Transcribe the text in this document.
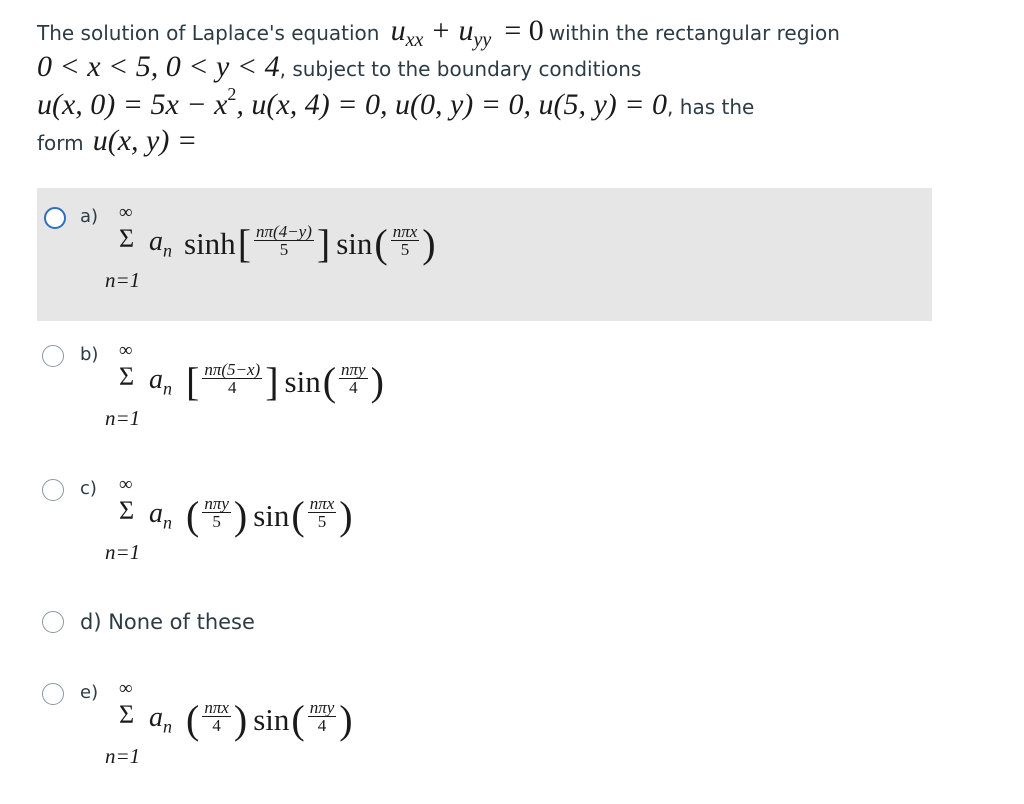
The solution of Laplace's equation uxx + uyy = 0 within the rectangular region
0 < x < 5, 0 < y < 4, subject to the boundary conditions
u(x, 0) = 5x − x2, u(x, 4) = 0, u(0, y) = 0, u(5, y) = 0, has the
form u(x, y) =
a) ∞
Σ
n=1
$a_n$ sinh [ $\frac{n\pi(4-y)}{5}$ ] sin ( $\frac{\text{nπx}}{5}$ )
b) ∞
Σ
n=1
$a_n$ [ $\frac{n\pi(5-x)}{4}$ ] sin ( $\frac{\text{nπy}}{4}$ )
c) ∞
Σ
n=1
$a_n$ ( $\frac{\text{nπy}}{5}$ ) sin ( $\frac{\text{nπx}}{5}$ )
d) None of these
e) ∞
Σ
n=1
$a_n$ ( $\frac{\text{nπx}}{4}$ ) sin ( $\frac{\text{nπy}}{4}$ )
